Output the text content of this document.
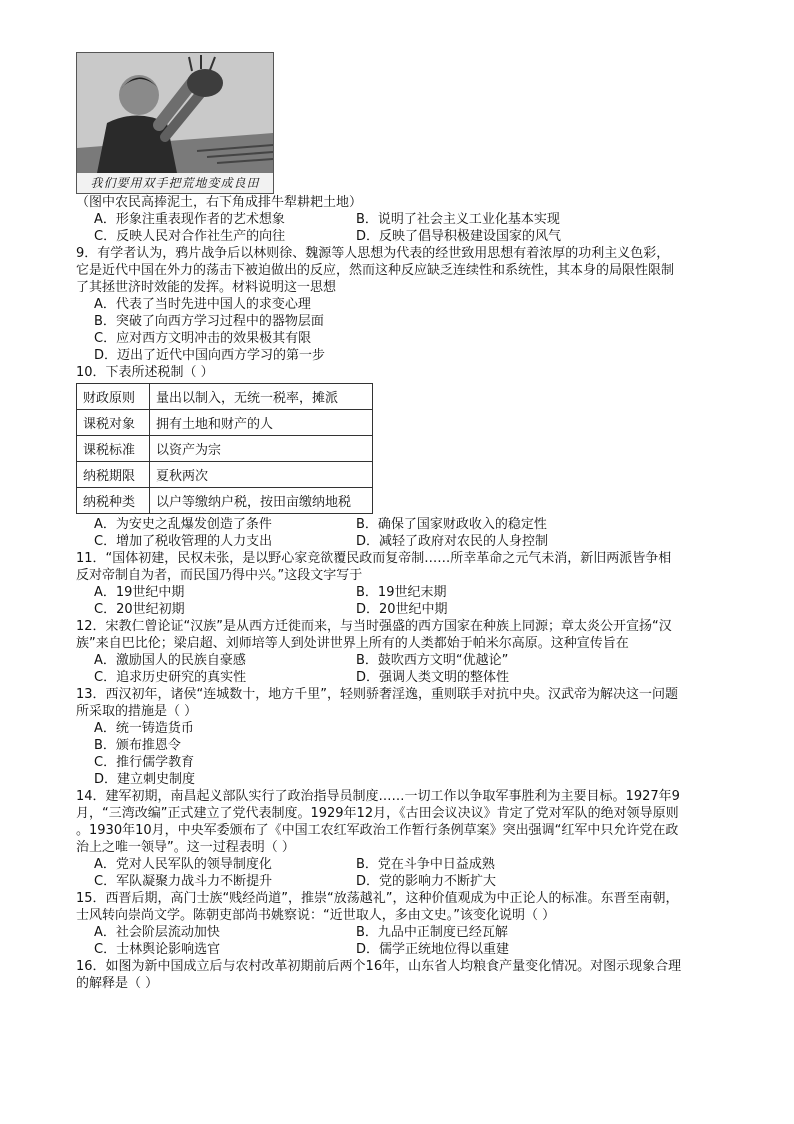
我们要用双手把荒地变成良田
（图中农民高捧泥土，右下角成排牛犁耕耙土地）
A．形象注重表现作者的艺术想象	B．说明了社会主义工业化基本实现
C．反映人民对合作社生产的向往	D．反映了倡导积极建设国家的风气
9．有学者认为，鸦片战争后以林则徐、魏源等人思想为代表的经世致用思想有着浓厚的功利主义色彩，
它是近代中国在外力的荡击下被迫做出的反应，然而这种反应缺乏连续性和系统性，其本身的局限性限制
了其拯世济时效能的发挥。材料说明这一思想
A．代表了当时先进中国人的求变心理
B．突破了向西方学习过程中的器物层面
C．应对西方文明冲击的效果极其有限
D．迈出了近代中国向西方学习的第一步
10．下表所述税制（ ）
财政原则	量出以制入，无统一税率，摊派
课税对象	拥有土地和财产的人
课税标准	以资产为宗
纳税期限	夏秋两次
纳税种类	以户等缴纳户税，按田亩缴纳地税
A．为安史之乱爆发创造了条件	B．确保了国家财政收入的稳定性
C．增加了税收管理的人力支出	D．减轻了政府对农民的人身控制
11．“国体初建，民权未张，是以野心家竞欲覆民政而复帝制……所幸革命之元气未消，新旧两派皆争相
反对帝制自为者，而民国乃得中兴。”这段文字写于
A．19世纪中期	B．19世纪末期
C．20世纪初期	D．20世纪中期
12．宋教仁曾论证“汉族”是从西方迁徙而来，与当时强盛的西方国家在种族上同源；章太炎公开宣扬“汉
族”来自巴比伦；梁启超、刘师培等人到处讲世界上所有的人类都始于帕米尔高原。这种宣传旨在
A．激励国人的民族自豪感	B．鼓吹西方文明“优越论”
C．追求历史研究的真实性	D．强调人类文明的整体性
13．西汉初年，诸侯“连城数十，地方千里”，轻则骄奢淫逸，重则联手对抗中央。汉武帝为解决这一问题
所采取的措施是（ ）
A．统一铸造货币
B．颁布推恩令
C．推行儒学教育
D．建立刺史制度
14．建军初期，南昌起义部队实行了政治指导员制度……一切工作以争取军事胜利为主要目标。1927年9
月，“三湾改编”正式建立了党代表制度。1929年12月，《古田会议决议》肯定了党对军队的绝对领导原则
。1930年10月，中央军委颁布了《中国工农红军政治工作暂行条例草案》突出强调“红军中只允许党在政
治上之唯一领导”。这一过程表明（ ）
A．党对人民军队的领导制度化	B．党在斗争中日益成熟
C．军队凝聚力战斗力不断提升	D．党的影响力不断扩大
15．西晋后期，高门士族“贱经尚道”，推崇“放荡越礼”，这种价值观成为中正论人的标准。东晋至南朝，
士风转向崇尚文学。陈朝吏部尚书姚察说：“近世取人，多由文史。”该变化说明（ ）
A．社会阶层流动加快	B．九品中正制度已经瓦解
C．士林舆论影响选官	D．儒学正统地位得以重建
16．如图为新中国成立后与农村改革初期前后两个16年，山东省人均粮食产量变化情况。对图示现象合理
的解释是（ ）
